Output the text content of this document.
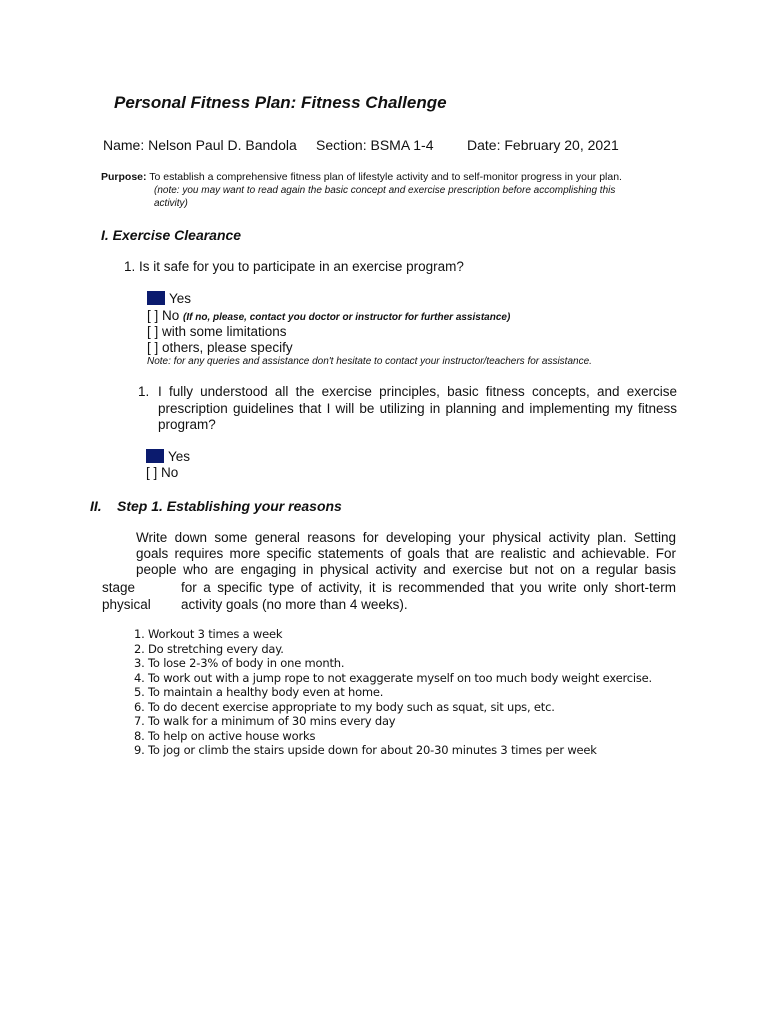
Personal Fitness Plan: Fitness Challenge
Name: Nelson Paul D. Bandola Section: BSMA 1-4 Date: February 20, 2021
Purpose: To establish a comprehensive fitness plan of lifestyle activity and to self-monitor progress in your plan.
(note: you may want to read again the basic concept and exercise prescription before accomplishing this
activity)
I. Exercise Clearance
1. Is it safe for you to participate in an exercise program?
Yes
[ ] No (If no, please, contact you doctor or instructor for further assistance)
[ ] with some limitations
[ ] others, please specify
Note: for any queries and assistance don't hesitate to contact your instructor/teachers for assistance.
1. I fully understood all the exercise principles, basic fitness concepts, and exercise
prescription guidelines that I will be utilizing in planning and implementing my fitness
program?
Yes
[ ] No
II. Step 1. Establishing your reasons
Write down some general reasons for developing your physical activity plan. Setting
goals requires more specific statements of goals that are realistic and achievable. For
people who are engaging in physical activity and exercise but not on a regular basis
stage	for a specific type of activity, it is recommended that you write only short-term
physical activity goals (no more than 4 weeks).
1. Workout 3 times a week
2. Do stretching every day.
3. To lose 2-3% of body in one month.
4. To work out with a jump rope to not exaggerate myself on too much body weight exercise.
5. To maintain a healthy body even at home.
6. To do decent exercise appropriate to my body such as squat, sit ups, etc.
7. To walk for a minimum of 30 mins every day
8. To help on active house works
9. To jog or climb the stairs upside down for about 20-30 minutes 3 times per week
